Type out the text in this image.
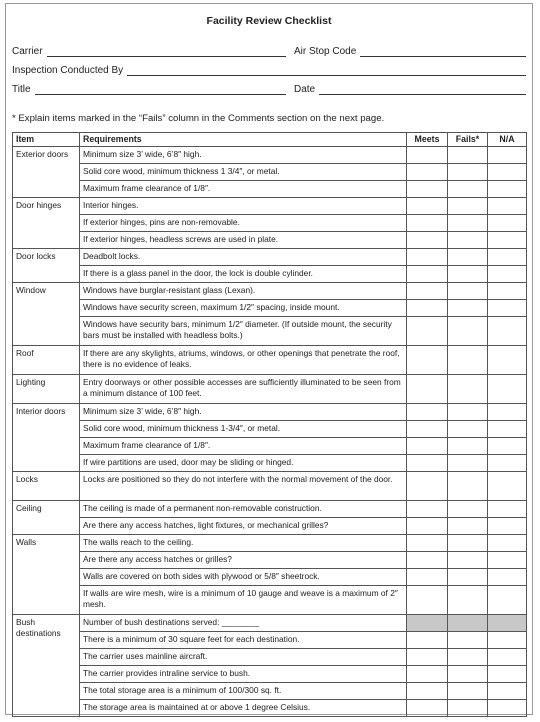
Facility Review Checklist
Carrier	Air Stop Code
Inspection Conducted By
Title	Date
* Explain items marked in the “Fails” column in the Comments section on the next page.
Item	Requirements	Meets	Fails*	N/A
Exterior doors	Minimum size 3’ wide, 6’8″ high.			
	Solid core wood, minimum thickness 1 3/4″, or metal.			
	Maximum frame clearance of 1/8″.			
Door hinges	Interior hinges.			
	If exterior hinges, pins are non-removable.			
	If exterior hinges, headless screws are used in plate.			
Door locks	Deadbolt locks.			
	If there is a glass panel in the door, the lock is double cylinder.			
Window	Windows have burglar-resistant glass (Lexan).			
	Windows have security screen, maximum 1/2″ spacing, inside mount.			
	Windows have security bars, minimum 1/2″ diameter. (If outside mount, the security bars must be installed with headless bolts.)			
Roof	If there are any skylights, atriums, windows, or other openings that penetrate the roof, there is no evidence of leaks.			
Lighting	Entry doorways or other possible accesses are sufficiently illuminated to be seen from a minimum distance of 100 feet.			
Interior doors	Minimum size 3’ wide, 6’8″ high.			
	Solid core wood, minimum thickness 1-3/4″, or metal.			
	Maximum frame clearance of 1/8″.			
	If wire partitions are used, door may be sliding or hinged.			
Locks	Locks are positioned so they do not interfere with the normal movement of the door.			
Ceiling	The ceiling is made of a permanent non-removable construction.			
	Are there any access hatches, light fixtures, or mechanical grilles?			
Walls	The walls reach to the ceiling.			
	Are there any access hatches or grilles?			
	Walls are covered on both sides with plywood or 5/8″ sheetrock.			
	If walls are wire mesh, wire is a minimum of 10 gauge and weave is a maximum of 2″ mesh.			
Bush destinations	Number of bush destinations served: ________			
	There is a minimum of 30 square feet for each destination.			
	The carrier uses mainline aircraft.			
	The carrier provides intraline service to bush.			
	The total storage area is a minimum of 100/300 sq. ft.			
	The storage area is maintained at or above 1 degree Celsius.			
